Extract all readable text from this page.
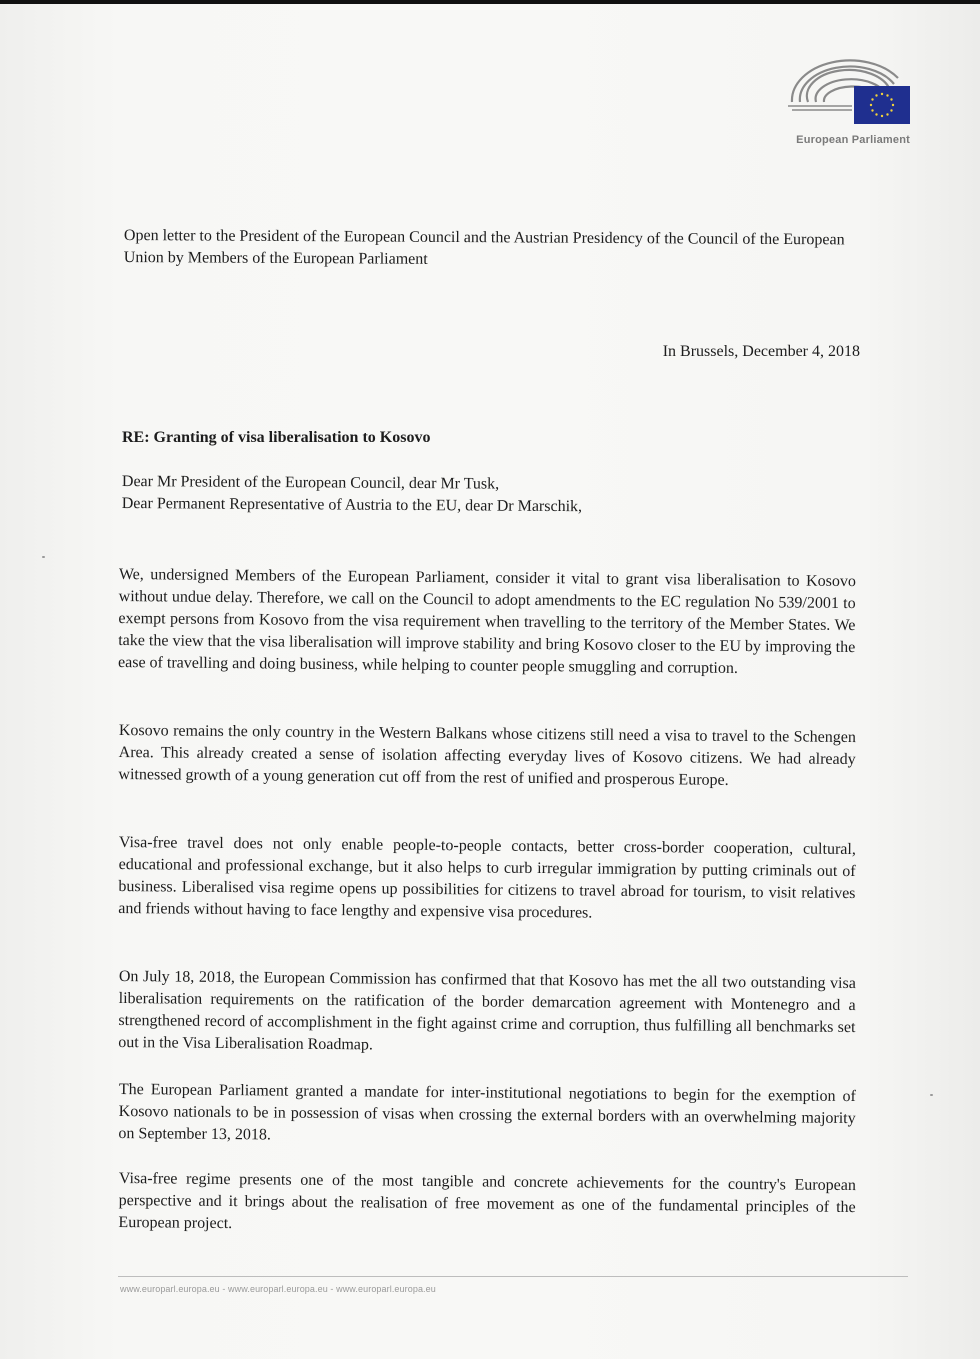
European Parliament
Open letter to the President of the European Council and the Austrian Presidency of the Council of the European Union by Members of the European Parliament
In Brussels, December 4, 2018
RE: Granting of visa liberalisation to Kosovo
Dear Mr President of the European Council, dear Mr Tusk,
Dear Permanent Representative of Austria to the EU, dear Dr Marschik,
We, undersigned Members of the European Parliament, consider it vital to grant visa liberalisation to Kosovo without undue delay. Therefore, we call on the Council to adopt amendments to the EC regulation No 539/2001 to exempt persons from Kosovo from the visa requirement when travelling to the territory of the Member States. We take the view that the visa liberalisation will improve stability and bring Kosovo closer to the EU by improving the ease of travelling and doing business, while helping to counter people smuggling and corruption.
Kosovo remains the only country in the Western Balkans whose citizens still need a visa to travel to the Schengen Area. This already created a sense of isolation affecting everyday lives of Kosovo citizens. We had already witnessed growth of a young generation cut off from the rest of unified and prosperous Europe.
Visa-free travel does not only enable people-to-people contacts, better cross-border cooperation, cultural, educational and professional exchange, but it also helps to curb irregular immigration by putting criminals out of business. Liberalised visa regime opens up possibilities for citizens to travel abroad for tourism, to visit relatives and friends without having to face lengthy and expensive visa procedures.
On July 18, 2018, the European Commission has confirmed that that Kosovo has met the all two outstanding visa liberalisation requirements on the ratification of the border demarcation agreement with Montenegro and a strengthened record of accomplishment in the fight against crime and corruption, thus fulfilling all benchmarks set out in the Visa Liberalisation Roadmap.
The European Parliament granted a mandate for inter-institutional negotiations to begin for the exemption of Kosovo nationals to be in possession of visas when crossing the external borders with an overwhelming majority on September 13, 2018.
Visa-free regime presents one of the most tangible and concrete achievements for the country's European perspective and it brings about the realisation of free movement as one of the fundamental principles of the European project.
www.europarl.europa.eu - www.europarl.europa.eu - www.europarl.europa.eu
